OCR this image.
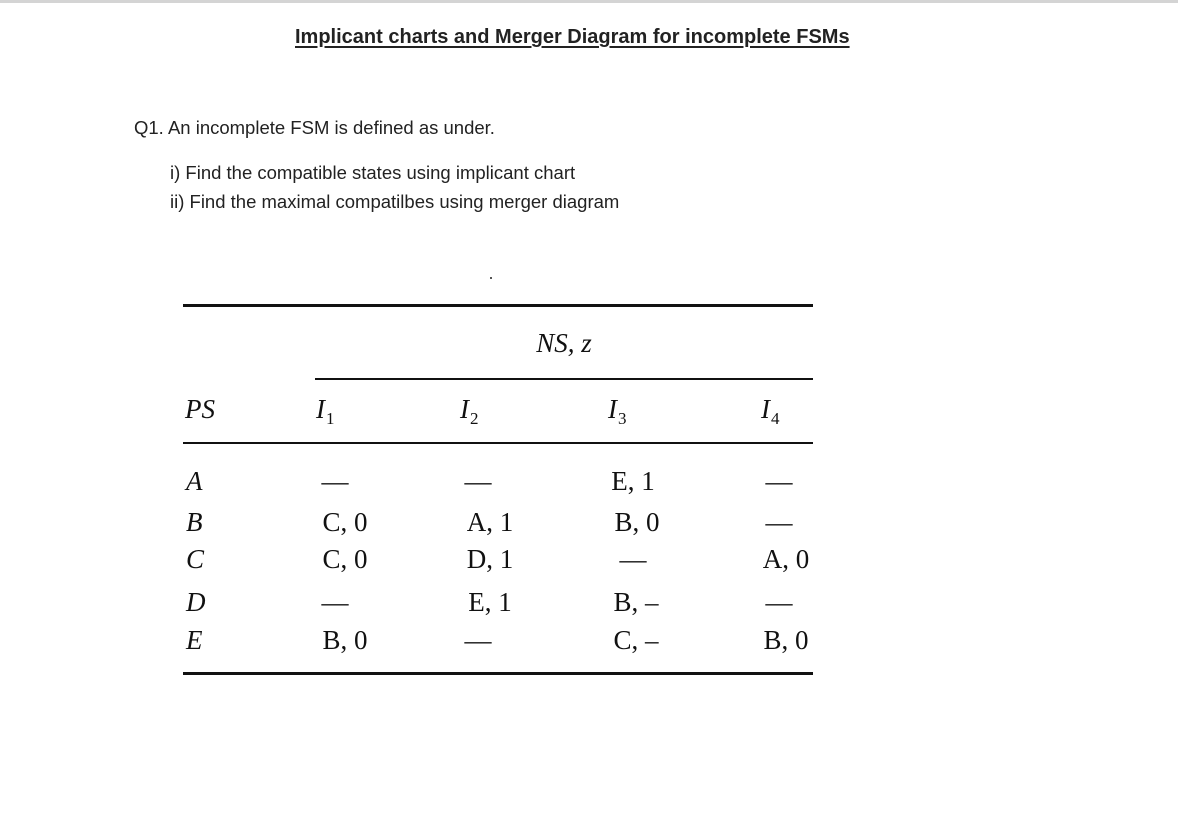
Implicant charts and Merger Diagram for incomplete FSMs
Q1. An incomplete FSM is defined as under.
i) Find the compatible states using implicant chart
ii) Find the maximal compatilbes using merger diagram
NS, z
PS	$I_1$	$I_2$	$I_3$	$I_4$
A	—	—	E, 1	—
B	C, 0	A, 1	B, 0	—
C	C, 0	D, 1	—	A, 0
D	—	E, 1	B, –	—
E	B, 0	—	C, –	B, 0
